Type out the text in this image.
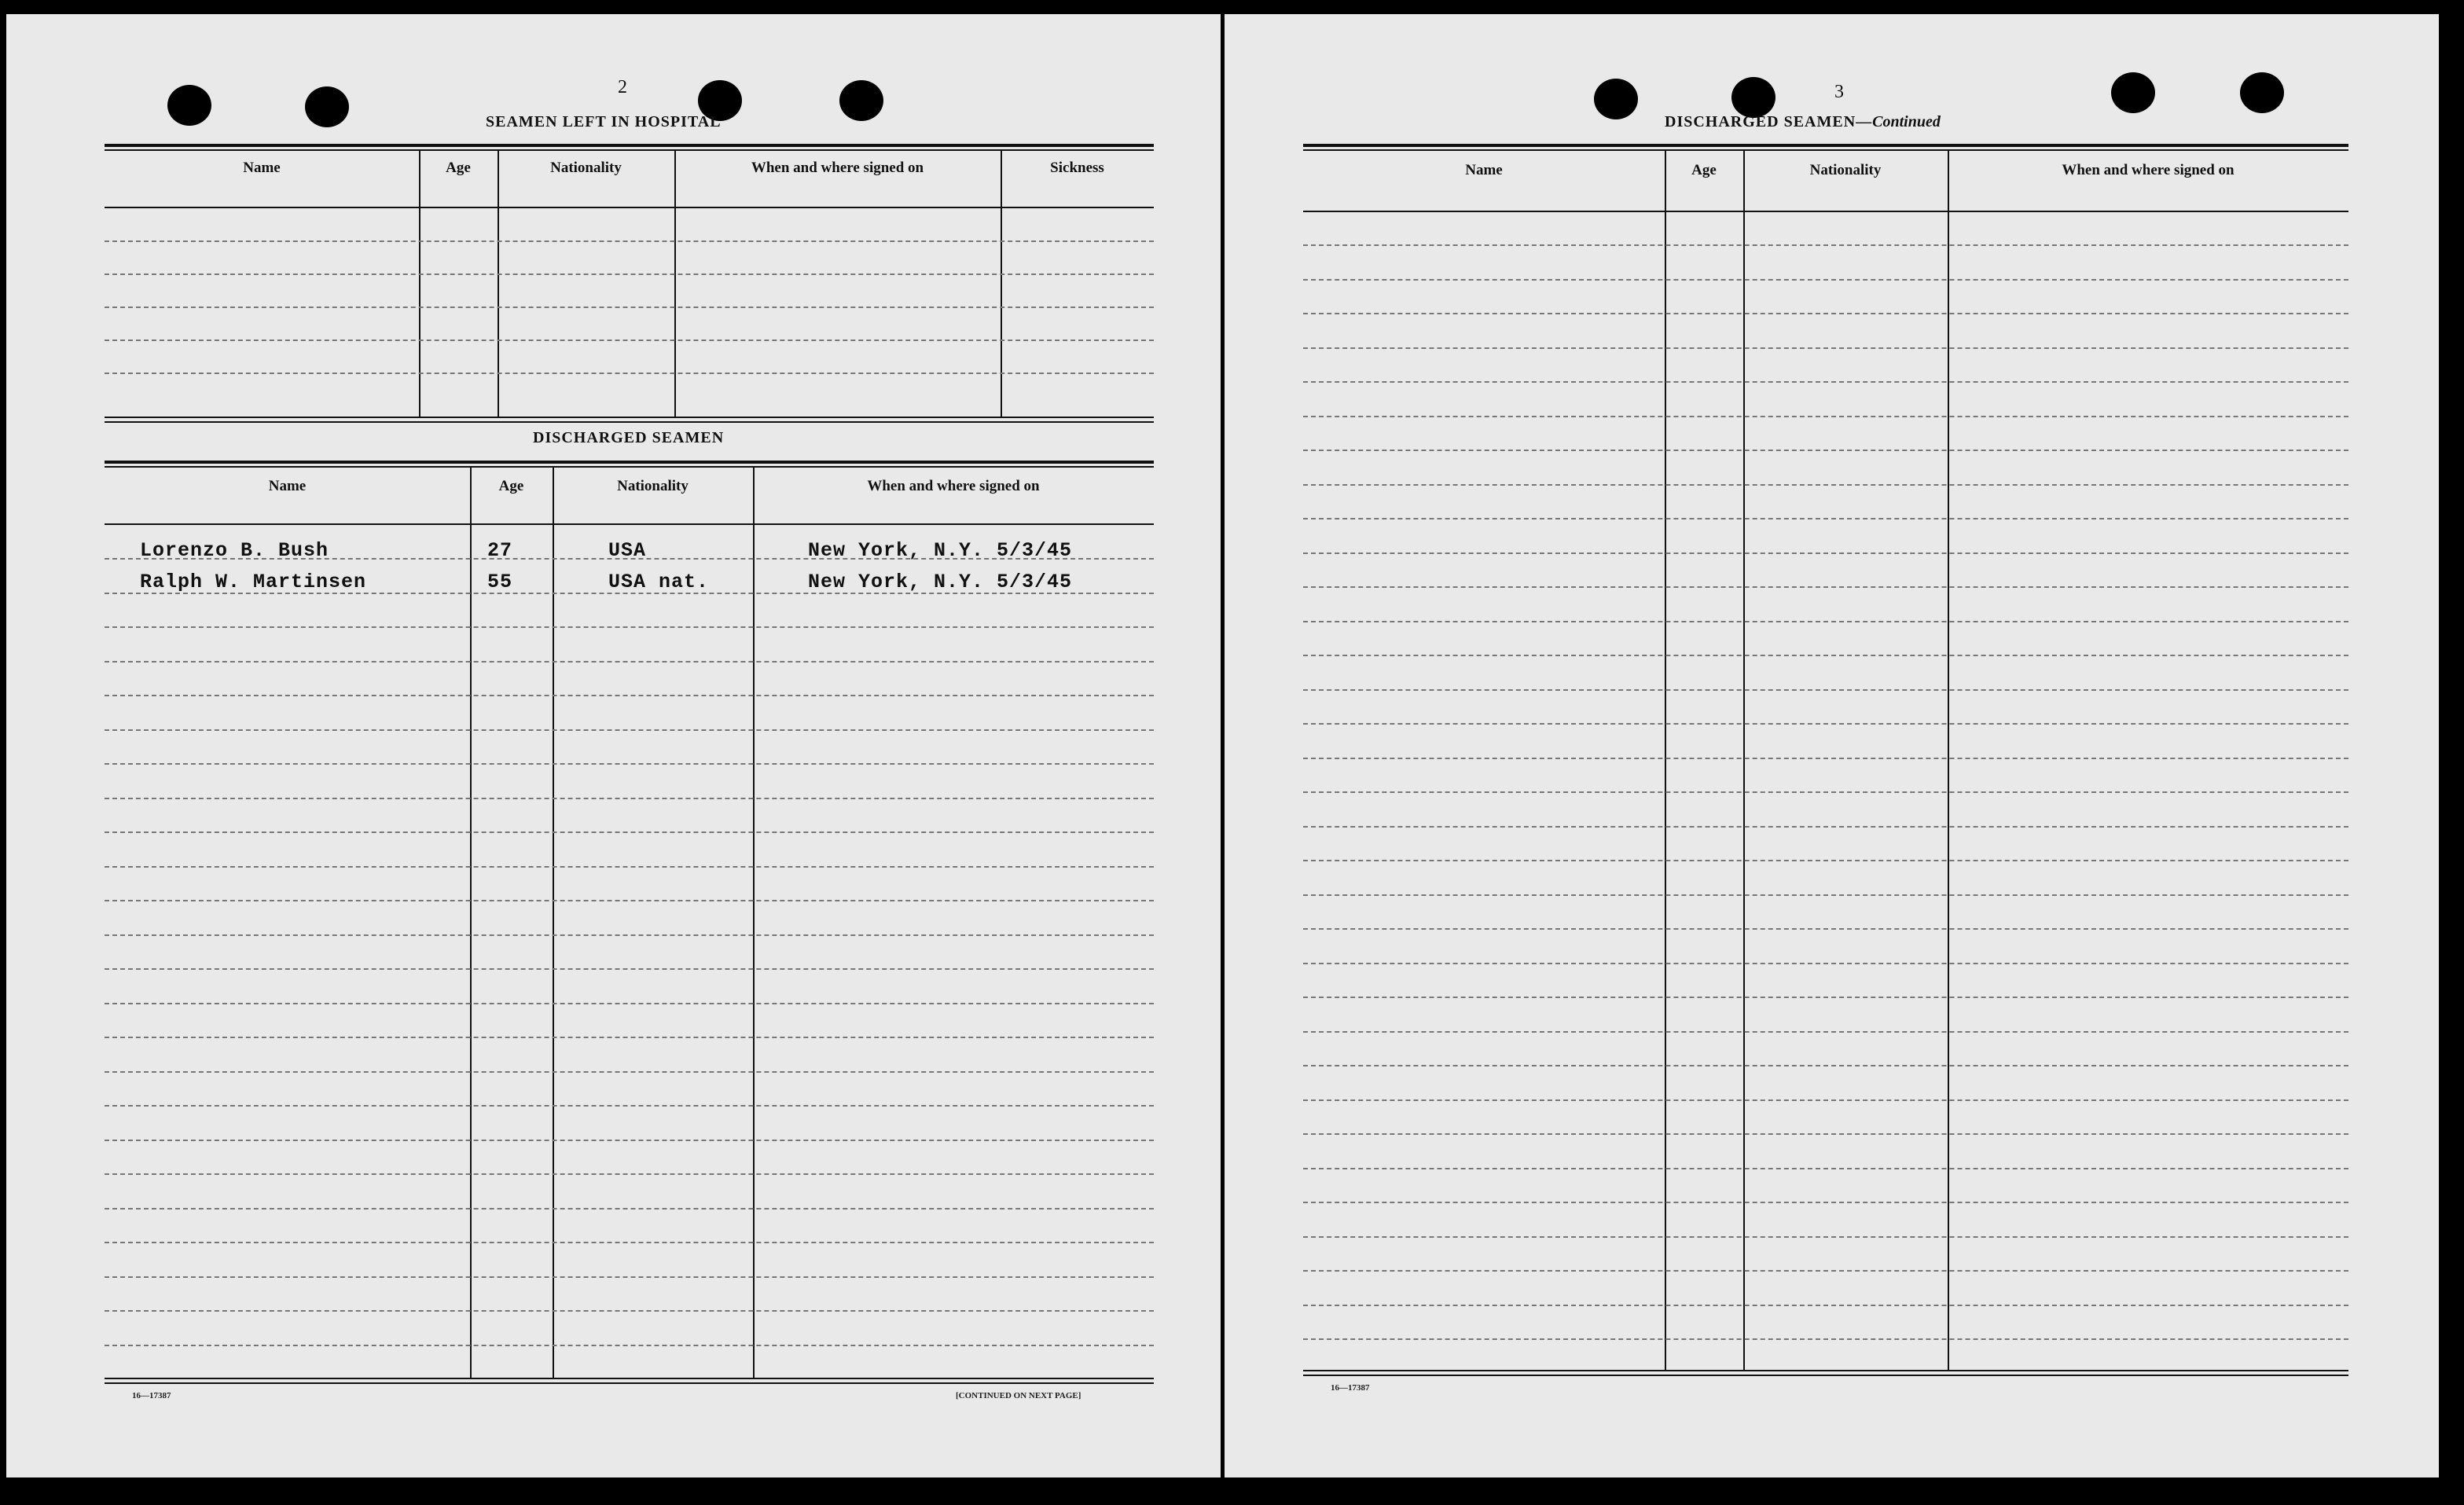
2
SEAMEN LEFT IN HOSPITAL
Name	Age	Nationality	When and where signed on	Sickness
DISCHARGED SEAMEN
Name	Age	Nationality	When and where signed on
Lorenzo B. Bush	27	USA	New York, N.Y. 5/3/45
Ralph W. Martinsen	55	USA nat.	New York, N.Y. 5/3/45
16—17387	[CONTINUED ON NEXT PAGE]
3
DISCHARGED SEAMEN—Continued
Name	Age	Nationality	When and where signed on
16—17387
